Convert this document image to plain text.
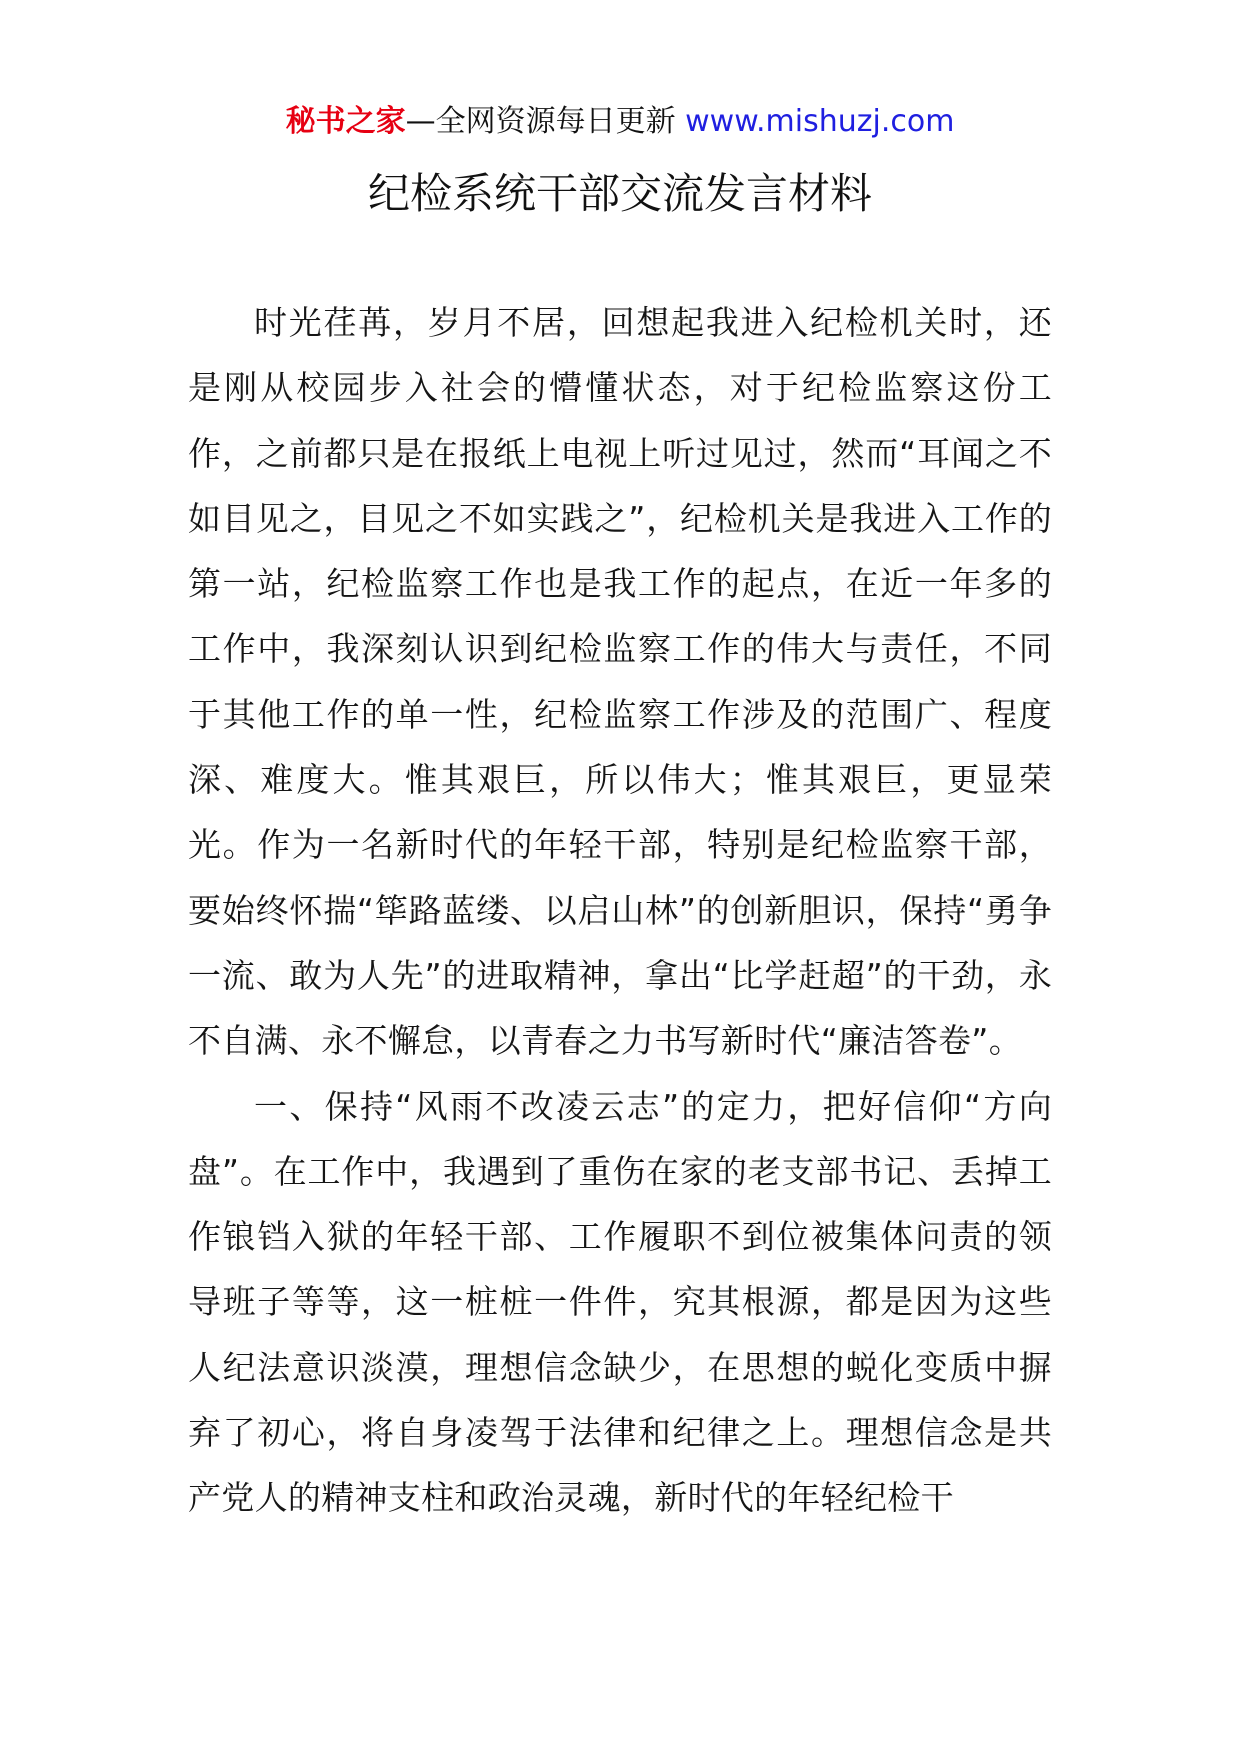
秘书之家—全网资源每日更新 www.mishuzj.com
纪检系统干部交流发言材料

时光荏苒，岁月不居，回想起我进入纪检机关时，还是刚从校园步入社会的懵懂状态，对于纪检监察这份工作，之前都只是在报纸上电视上听过见过，然而“耳闻之不如目见之，目见之不如实践之”，纪检机关是我进入工作的第一站，纪检监察工作也是我工作的起点，在近一年多的工作中，我深刻认识到纪检监察工作的伟大与责任，不同于其他工作的单一性，纪检监察工作涉及的范围广、程度深、难度大。惟其艰巨，所以伟大；惟其艰巨，更显荣光。作为一名新时代的年轻干部，特别是纪检监察干部，要始终怀揣“筚路蓝缕、以启山林”的创新胆识，保持“勇争一流、敢为人先”的进取精神，拿出“比学赶超”的干劲，永不自满、永不懈怠，以青春之力书写新时代“廉洁答卷”。

一、保持“风雨不改凌云志”的定力，把好信仰“方向盘”。在工作中，我遇到了重伤在家的老支部书记、丢掉工作锒铛入狱的年轻干部、工作履职不到位被集体问责的领导班子等等，这一桩桩一件件，究其根源，都是因为这些人纪法意识淡漠，理想信念缺少，在思想的蜕化变质中摒弃了初心，将自身凌驾于法律和纪律之上。理想信念是共产党人的精神支柱和政治灵魂，新时代的年轻纪检干
